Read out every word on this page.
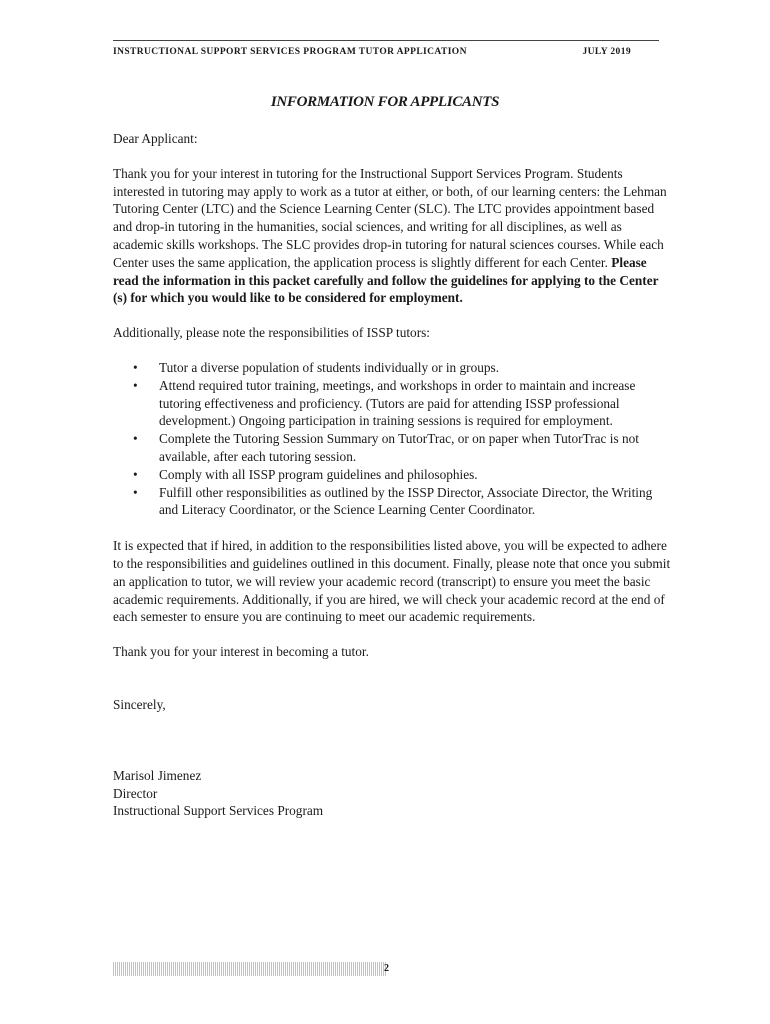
INSTRUCTIONAL SUPPORT SERVICES PROGRAM TUTOR APPLICATION	JULY 2019
INFORMATION FOR APPLICANTS

Dear Applicant:

Thank you for your interest in tutoring for the Instructional Support Services Program. Students interested in tutoring may apply to work as a tutor at either, or both, of our learning centers: the Lehman Tutoring Center (LTC) and the Science Learning Center (SLC). The LTC provides appointment based and drop-in tutoring in the humanities, social sciences, and writing for all disciplines, as well as academic skills workshops. The SLC provides drop-in tutoring for natural sciences courses. While each Center uses the same application, the application process is slightly different for each Center. Please read the information in this packet carefully and follow the guidelines for applying to the Center (s) for which you would like to be considered for employment.

Additionally, please note the responsibilities of ISSP tutors:

• Tutor a diverse population of students individually or in groups.
• Attend required tutor training, meetings, and workshops in order to maintain and increase tutoring effectiveness and proficiency. (Tutors are paid for attending ISSP professional development.) Ongoing participation in training sessions is required for employment.
• Complete the Tutoring Session Summary on TutorTrac, or on paper when TutorTrac is not available, after each tutoring session.
• Comply with all ISSP program guidelines and philosophies.
• Fulfill other responsibilities as outlined by the ISSP Director, Associate Director, the Writing and Literacy Coordinator, or the Science Learning Center Coordinator.

It is expected that if hired, in addition to the responsibilities listed above, you will be expected to adhere to the responsibilities and guidelines outlined in this document. Finally, please note that once you submit an application to tutor, we will review your academic record (transcript) to ensure you meet the basic academic requirements. Additionally, if you are hired, we will check your academic record at the end of each semester to ensure you are continuing to meet our academic requirements.

Thank you for your interest in becoming a tutor.

Sincerely,

Marisol Jimenez

Director

Instructional Support Services Program

2
